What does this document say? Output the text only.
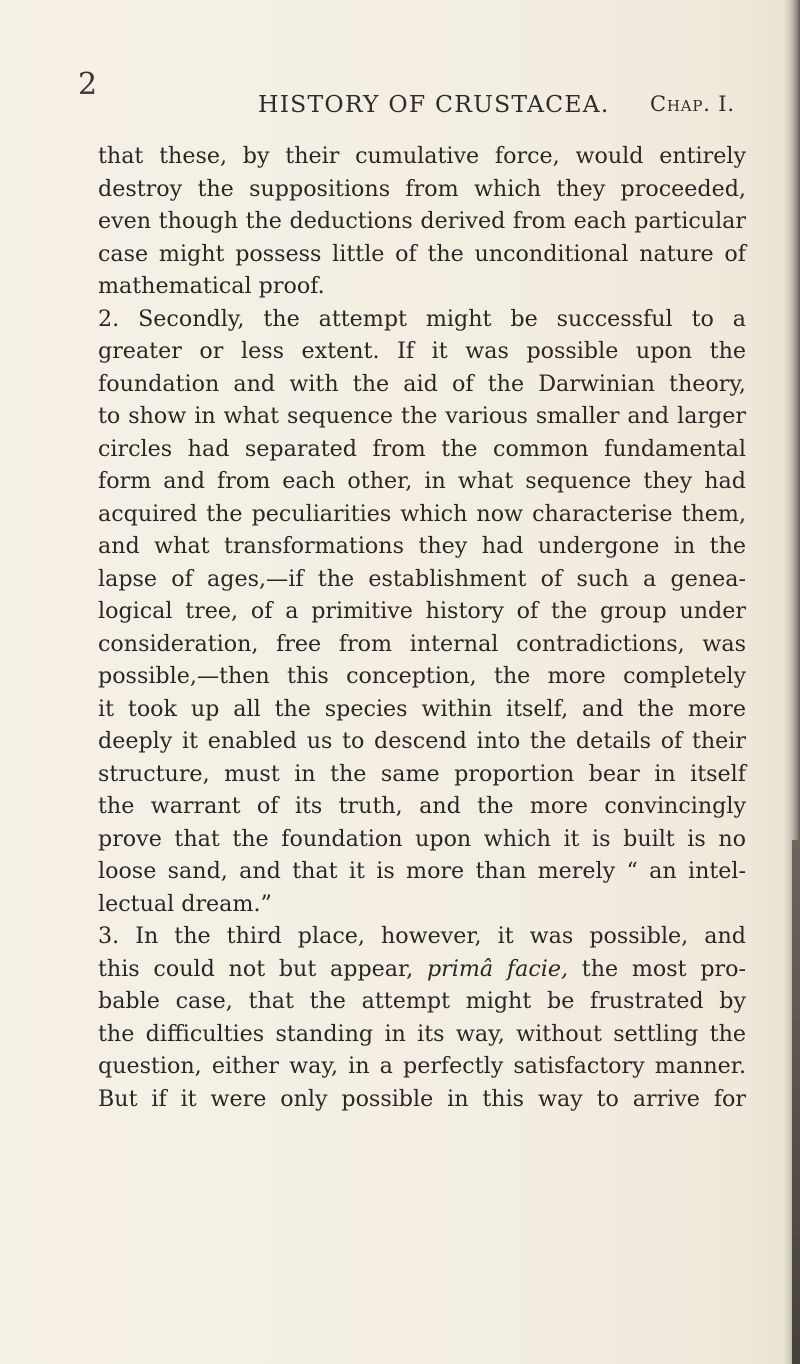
2
HISTORY OF CRUSTACEA. Chap. I.
that these, by their cumulative force, would entirely
destroy the suppositions from which they proceeded,
even though the deductions derived from each particular
case might possess little of the unconditional nature of
mathematical proof.
2. Secondly, the attempt might be successful to a
greater or less extent. If it was possible upon the
foundation and with the aid of the Darwinian theory,
to show in what sequence the various smaller and larger
circles had separated from the common fundamental
form and from each other, in what sequence they had
acquired the peculiarities which now characterise them,
and what transformations they had undergone in the
lapse of ages,—if the establishment of such a genea-
logical tree, of a primitive history of the group under
consideration, free from internal contradictions, was
possible,—then this conception, the more completely
it took up all the species within itself, and the more
deeply it enabled us to descend into the details of their
structure, must in the same proportion bear in itself
the warrant of its truth, and the more convincingly
prove that the foundation upon which it is built is no
loose sand, and that it is more than merely “ an intel-
lectual dream.”
3. In the third place, however, it was possible, and
this could not but appear, primâ facie, the most pro-
bable case, that the attempt might be frustrated by
the difficulties standing in its way, without settling the
question, either way, in a perfectly satisfactory manner.
But if it were only possible in this way to arrive for
